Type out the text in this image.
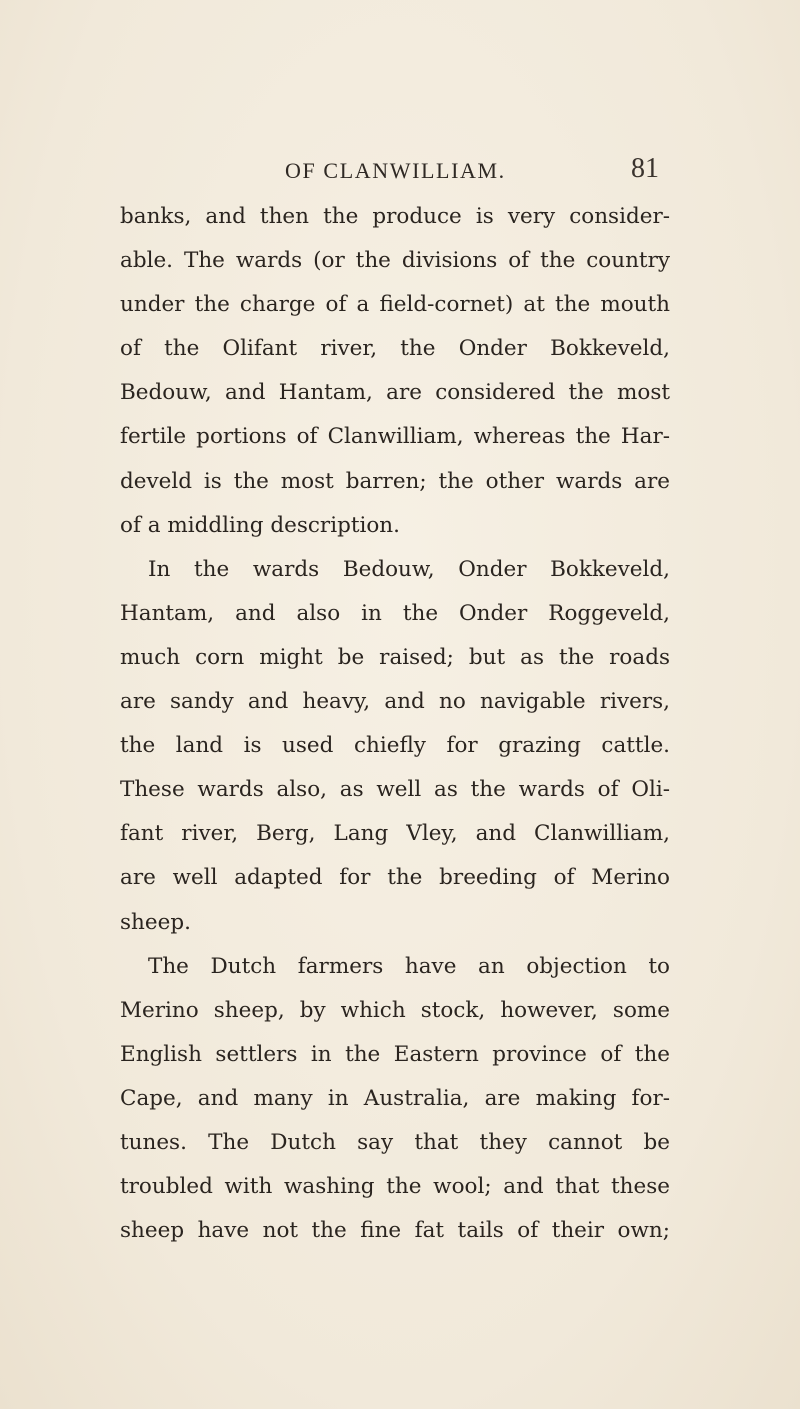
OF CLANWILLIAM.	81
banks, and then the produce is very consider-
able. The wards (or the divisions of the country
under the charge of a field-cornet) at the mouth
of the Olifant river, the Onder Bokkeveld,
Bedouw, and Hantam, are considered the most
fertile portions of Clanwilliam, whereas the Har-
develd is the most barren; the other wards are
of a middling description.
In the wards Bedouw, Onder Bokkeveld,
Hantam, and also in the Onder Roggeveld,
much corn might be raised; but as the roads
are sandy and heavy, and no navigable rivers,
the land is used chiefly for grazing cattle.
These wards also, as well as the wards of Oli-
fant river, Berg, Lang Vley, and Clanwilliam,
are well adapted for the breeding of Merino
sheep.
The Dutch farmers have an objection to
Merino sheep, by which stock, however, some
English settlers in the Eastern province of the
Cape, and many in Australia, are making for-
tunes. The Dutch say that they cannot be
troubled with washing the wool; and that these
sheep have not the fine fat tails of their own;
